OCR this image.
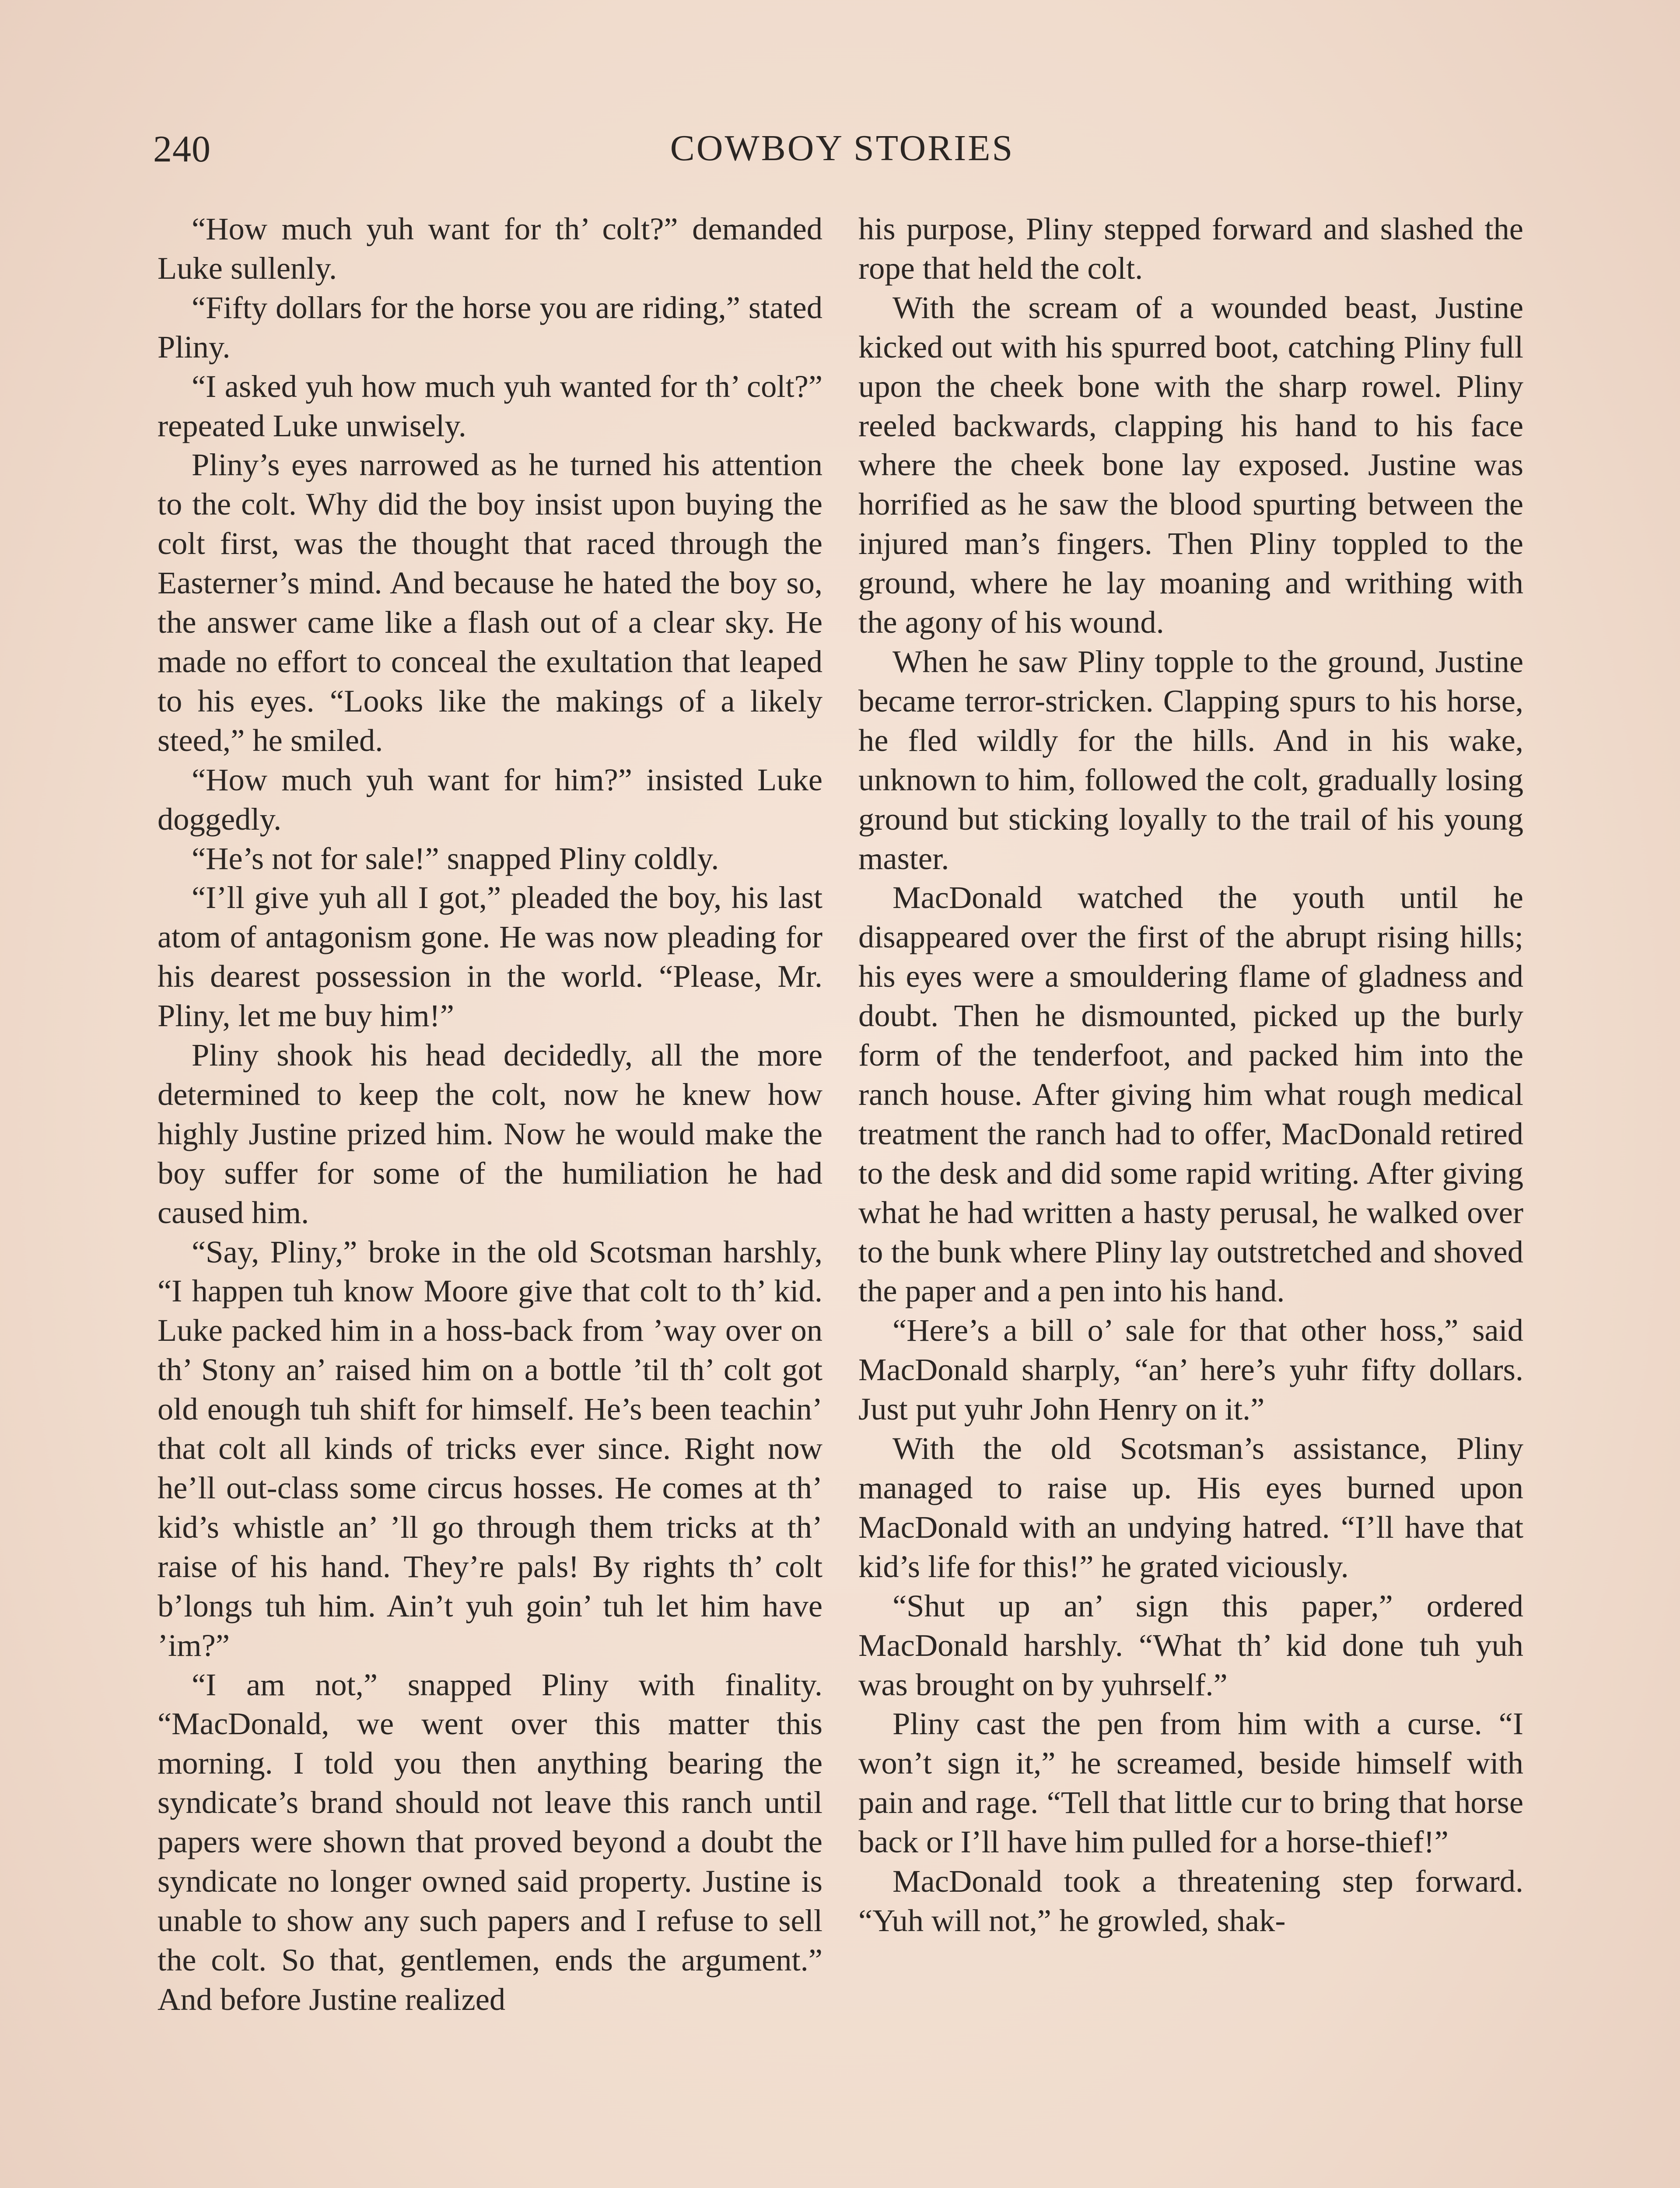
240	COWBOY STORIES

“How much yuh want for th’ colt?” demanded Luke sullenly.

“Fifty dollars for the horse you are riding,” stated Pliny.

“I asked yuh how much yuh wanted for th’ colt?” repeated Luke unwisely.

Pliny’s eyes narrowed as he turned his attention to the colt. Why did the boy insist upon buying the colt first, was the thought that raced through the Easterner’s mind. And because he hated the boy so, the answer came like a flash out of a clear sky. He made no effort to conceal the exultation that leaped to his eyes. “Looks like the makings of a likely steed,” he smiled.

“How much yuh want for him?” insisted Luke doggedly.

“He’s not for sale!” snapped Pliny coldly.

“I’ll give yuh all I got,” pleaded the boy, his last atom of antagonism gone. He was now pleading for his dearest possession in the world. “Please, Mr. Pliny, let me buy him!”

Pliny shook his head decidedly, all the more determined to keep the colt, now he knew how highly Justine prized him. Now he would make the boy suffer for some of the humiliation he had caused him.

“Say, Pliny,” broke in the old Scotsman harshly, “I happen tuh know Moore give that colt to th’ kid. Luke packed him in a hoss-back from ’way over on th’ Stony an’ raised him on a bottle ’til th’ colt got old enough tuh shift for himself. He’s been teachin’ that colt all kinds of tricks ever since. Right now he’ll out-class some circus hosses. He comes at th’ kid’s whistle an’ ’ll go through them tricks at th’ raise of his hand. They’re pals! By rights th’ colt b’longs tuh him. Ain’t yuh goin’ tuh let him have ’im?”

“I am not,” snapped Pliny with finality. “MacDonald, we went over this matter this morning. I told you then anything bearing the syndicate’s brand should not leave this ranch until papers were shown that proved beyond a doubt the syndicate no longer owned said property. Justine is unable to show any such papers and I refuse to sell the colt. So that, gentlemen, ends the argument.” And before Justine realized

his purpose, Pliny stepped forward and slashed the rope that held the colt.

With the scream of a wounded beast, Justine kicked out with his spurred boot, catching Pliny full upon the cheek bone with the sharp rowel. Pliny reeled backwards, clapping his hand to his face where the cheek bone lay exposed. Justine was horrified as he saw the blood spurting between the injured man’s fingers. Then Pliny toppled to the ground, where he lay moaning and writhing with the agony of his wound.

When he saw Pliny topple to the ground, Justine became terror-stricken. Clapping spurs to his horse, he fled wildly for the hills. And in his wake, unknown to him, followed the colt, gradually losing ground but sticking loyally to the trail of his young master.

MacDonald watched the youth until he disappeared over the first of the abrupt rising hills; his eyes were a smouldering flame of gladness and doubt. Then he dismounted, picked up the burly form of the tenderfoot, and packed him into the ranch house. After giving him what rough medical treatment the ranch had to offer, MacDonald retired to the desk and did some rapid writing. After giving what he had written a hasty perusal, he walked over to the bunk where Pliny lay outstretched and shoved the paper and a pen into his hand.

“Here’s a bill o’ sale for that other hoss,” said MacDonald sharply, “an’ here’s yuhr fifty dollars. Just put yuhr John Henry on it.”

With the old Scotsman’s assistance, Pliny managed to raise up. His eyes burned upon MacDonald with an undying hatred. “I’ll have that kid’s life for this!” he grated viciously.

“Shut up an’ sign this paper,” ordered MacDonald harshly. “What th’ kid done tuh yuh was brought on by yuhrself.”

Pliny cast the pen from him with a curse. “I won’t sign it,” he screamed, beside himself with pain and rage. “Tell that little cur to bring that horse back or I’ll have him pulled for a horse-thief!”

MacDonald took a threatening step forward. “Yuh will not,” he growled, shak-
